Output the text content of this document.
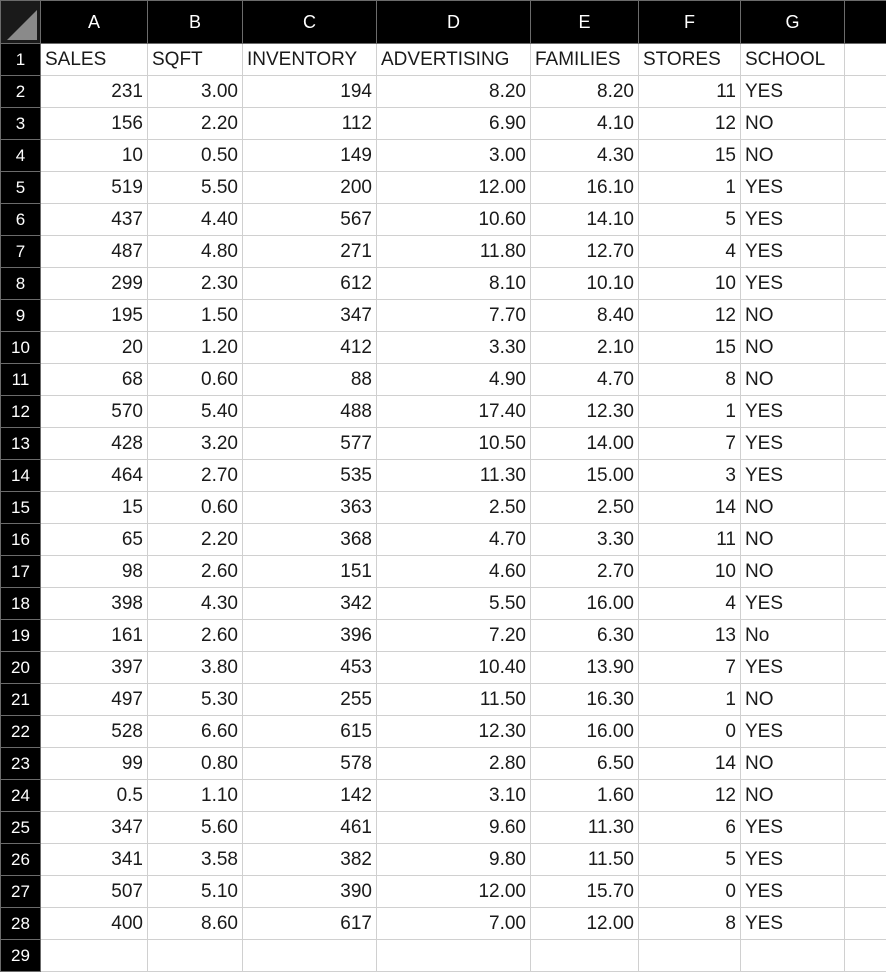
	A	B	C	D	E	F	G	
1	SALES	SQFT	INVENTORY	ADVERTISING	FAMILIES	STORES	SCHOOL	
2	231	3.00	194	8.20	8.20	11	YES	
3	156	2.20	112	6.90	4.10	12	NO	
4	10	0.50	149	3.00	4.30	15	NO	
5	519	5.50	200	12.00	16.10	1	YES	
6	437	4.40	567	10.60	14.10	5	YES	
7	487	4.80	271	11.80	12.70	4	YES	
8	299	2.30	612	8.10	10.10	10	YES	
9	195	1.50	347	7.70	8.40	12	NO	
10	20	1.20	412	3.30	2.10	15	NO	
11	68	0.60	88	4.90	4.70	8	NO	
12	570	5.40	488	17.40	12.30	1	YES	
13	428	3.20	577	10.50	14.00	7	YES	
14	464	2.70	535	11.30	15.00	3	YES	
15	15	0.60	363	2.50	2.50	14	NO	
16	65	2.20	368	4.70	3.30	11	NO	
17	98	2.60	151	4.60	2.70	10	NO	
18	398	4.30	342	5.50	16.00	4	YES	
19	161	2.60	396	7.20	6.30	13	No	
20	397	3.80	453	10.40	13.90	7	YES	
21	497	5.30	255	11.50	16.30	1	NO	
22	528	6.60	615	12.30	16.00	0	YES	
23	99	0.80	578	2.80	6.50	14	NO	
24	0.5	1.10	142	3.10	1.60	12	NO	
25	347	5.60	461	9.60	11.30	6	YES	
26	341	3.58	382	9.80	11.50	5	YES	
27	507	5.10	390	12.00	15.70	0	YES	
28	400	8.60	617	7.00	12.00	8	YES	
29								
